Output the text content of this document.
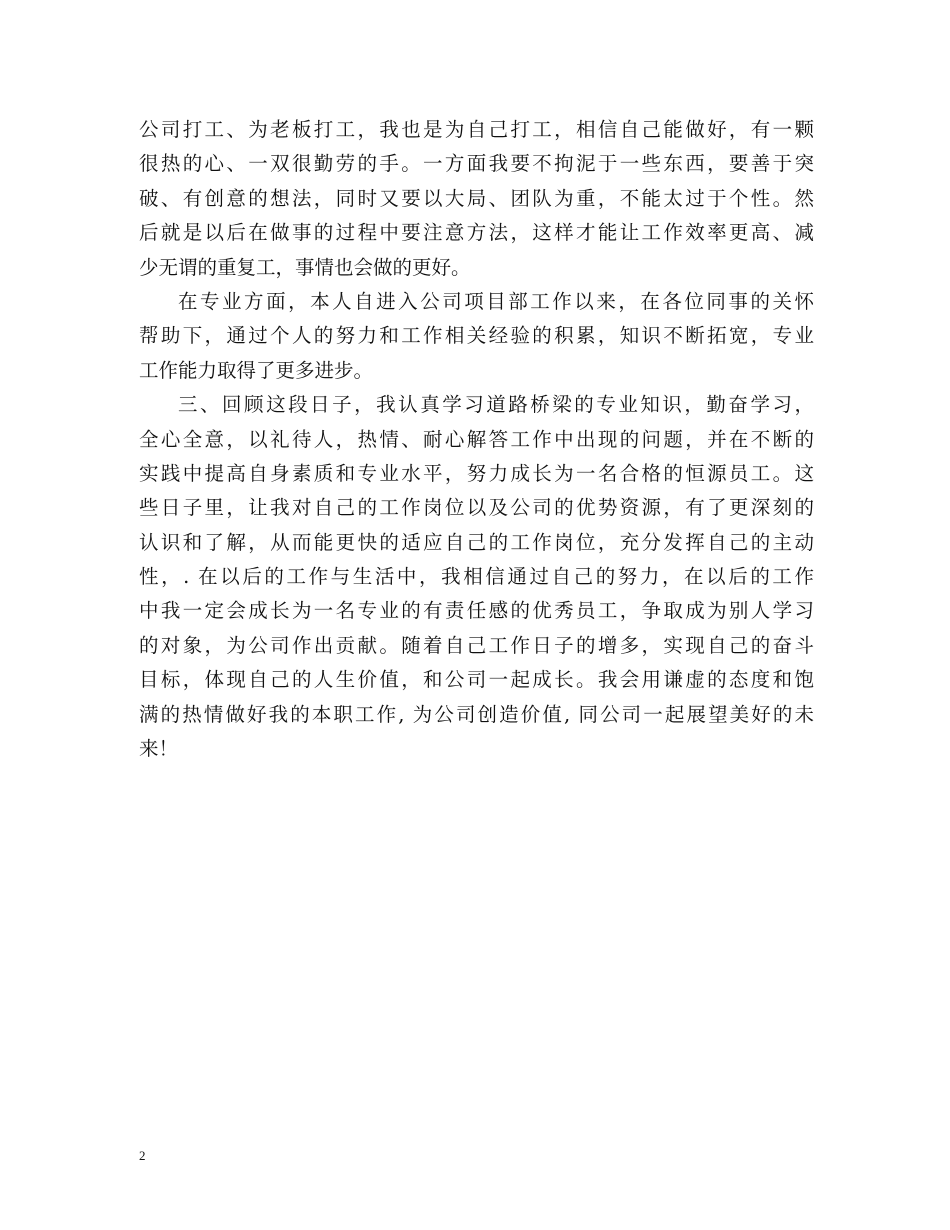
公司打工、为老板打工，我也是为自己打工，相信自己能做好，有一颗
很热的心、一双很勤劳的手。一方面我要不拘泥于一些东西，要善于突
破、有创意的想法，同时又要以大局、团队为重，不能太过于个性。然
后就是以后在做事的过程中要注意方法，这样才能让工作效率更高、减
少无谓的重复工，事情也会做的更好。
在专业方面，本人自进入公司项目部工作以来，在各位同事的关怀
帮助下，通过个人的努力和工作相关经验的积累，知识不断拓宽，专业
工作能力取得了更多进步。
三、回顾这段日子，我认真学习道路桥梁的专业知识，勤奋学习，
全心全意，以礼待人，热情、耐心解答工作中出现的问题，并在不断的
实践中提高自身素质和专业水平，努力成长为一名合格的恒源员工。这
些日子里，让我对自己的工作岗位以及公司的优势资源，有了更深刻的
认识和了解，从而能更快的适应自己的工作岗位，充分发挥自己的主动
性，. 在以后的工作与生活中，我相信通过自己的努力，在以后的工作
中我一定会成长为一名专业的有责任感的优秀员工，争取成为别人学习
的对象，为公司作出贡献。随着自己工作日子的增多，实现自己的奋斗
目标，体现自己的人生价值，和公司一起成长。我会用谦虚的态度和饱
满的热情做好我的本职工作, 为公司创造价值, 同公司一起展望美好的未
来！
2
